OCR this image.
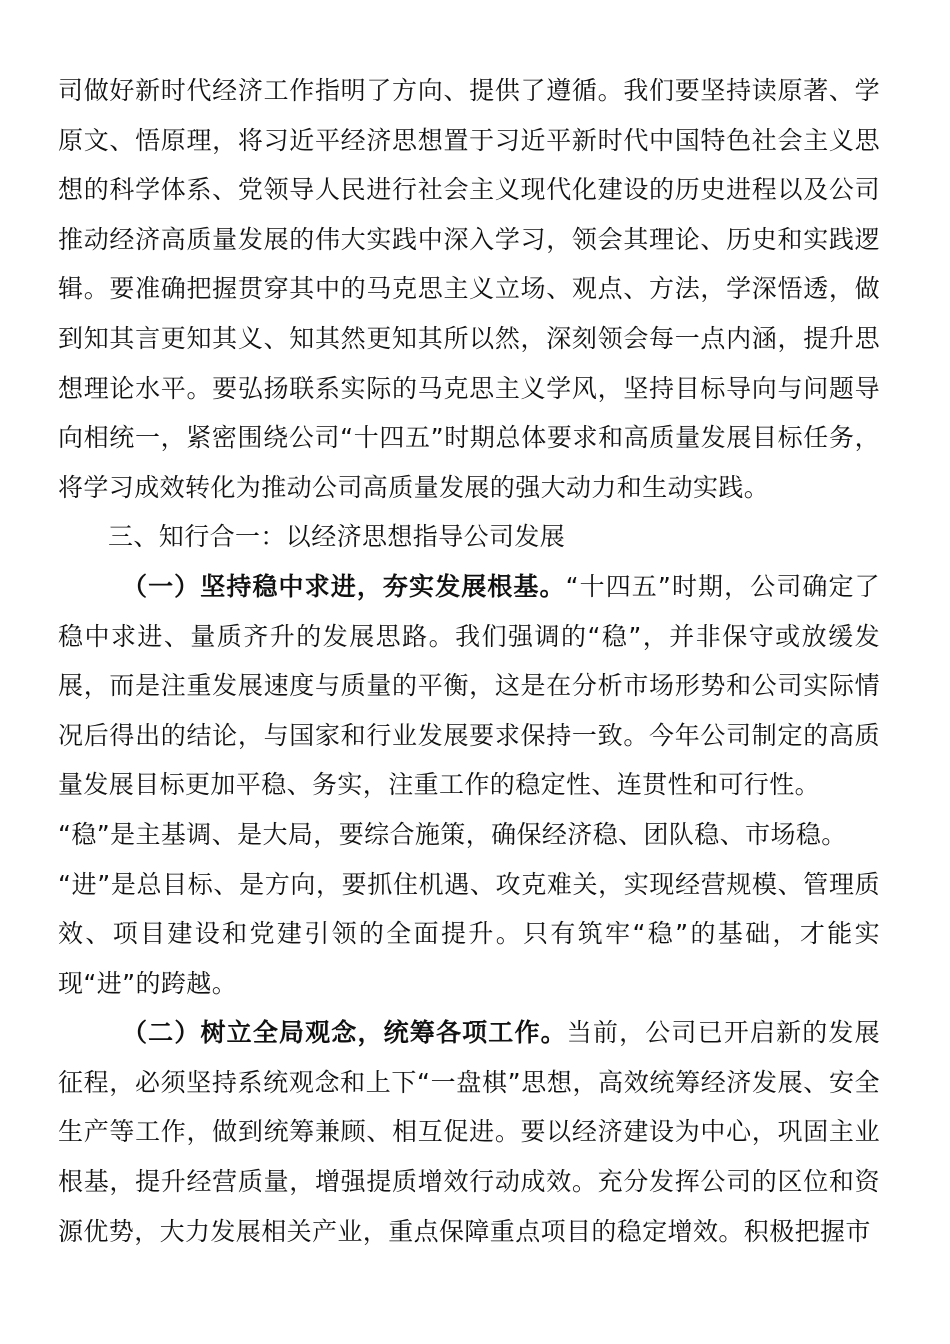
司做好新时代经济工作指明了方向、提供了遵循。我们要坚持读原著、学原文、悟原理，将习近平经济思想置于习近平新时代中国特色社会主义思想的科学体系、党领导人民进行社会主义现代化建设的历史进程以及公司推动经济高质量发展的伟大实践中深入学习，领会其理论、历史和实践逻辑。要准确把握贯穿其中的马克思主义立场、观点、方法，学深悟透，做到知其言更知其义、知其然更知其所以然，深刻领会每一点内涵，提升思想理论水平。要弘扬联系实际的马克思主义学风，坚持目标导向与问题导向相统一，紧密围绕公司“十四五”时期总体要求和高质量发展目标任务，将学习成效转化为推动公司高质量发展的强大动力和生动实践。

三、知行合一：以经济思想指导公司发展

（一）坚持稳中求进，夯实发展根基。“十四五”时期，公司确定了稳中求进、量质齐升的发展思路。我们强调的“稳”，并非保守或放缓发展，而是注重发展速度与质量的平衡，这是在分析市场形势和公司实际情况后得出的结论，与国家和行业发展要求保持一致。今年公司制定的高质量发展目标更加平稳、务实，注重工作的稳定性、连贯性和可行性。

“稳”是主基调、是大局，要综合施策，确保经济稳、团队稳、市场稳。

“进”是总目标、是方向，要抓住机遇、攻克难关，实现经营规模、管理质效、项目建设和党建引领的全面提升。只有筑牢“稳”的基础，才能实现“进”的跨越。

（二）树立全局观念，统筹各项工作。当前，公司已开启新的发展征程，必须坚持系统观念和上下“一盘棋”思想，高效统筹经济发展、安全生产等工作，做到统筹兼顾、相互促进。要以经济建设为中心，巩固主业根基，提升经营质量，增强提质增效行动成效。充分发挥公司的区位和资源优势，大力发展相关产业，重点保障重点项目的稳定增效。积极把握市
